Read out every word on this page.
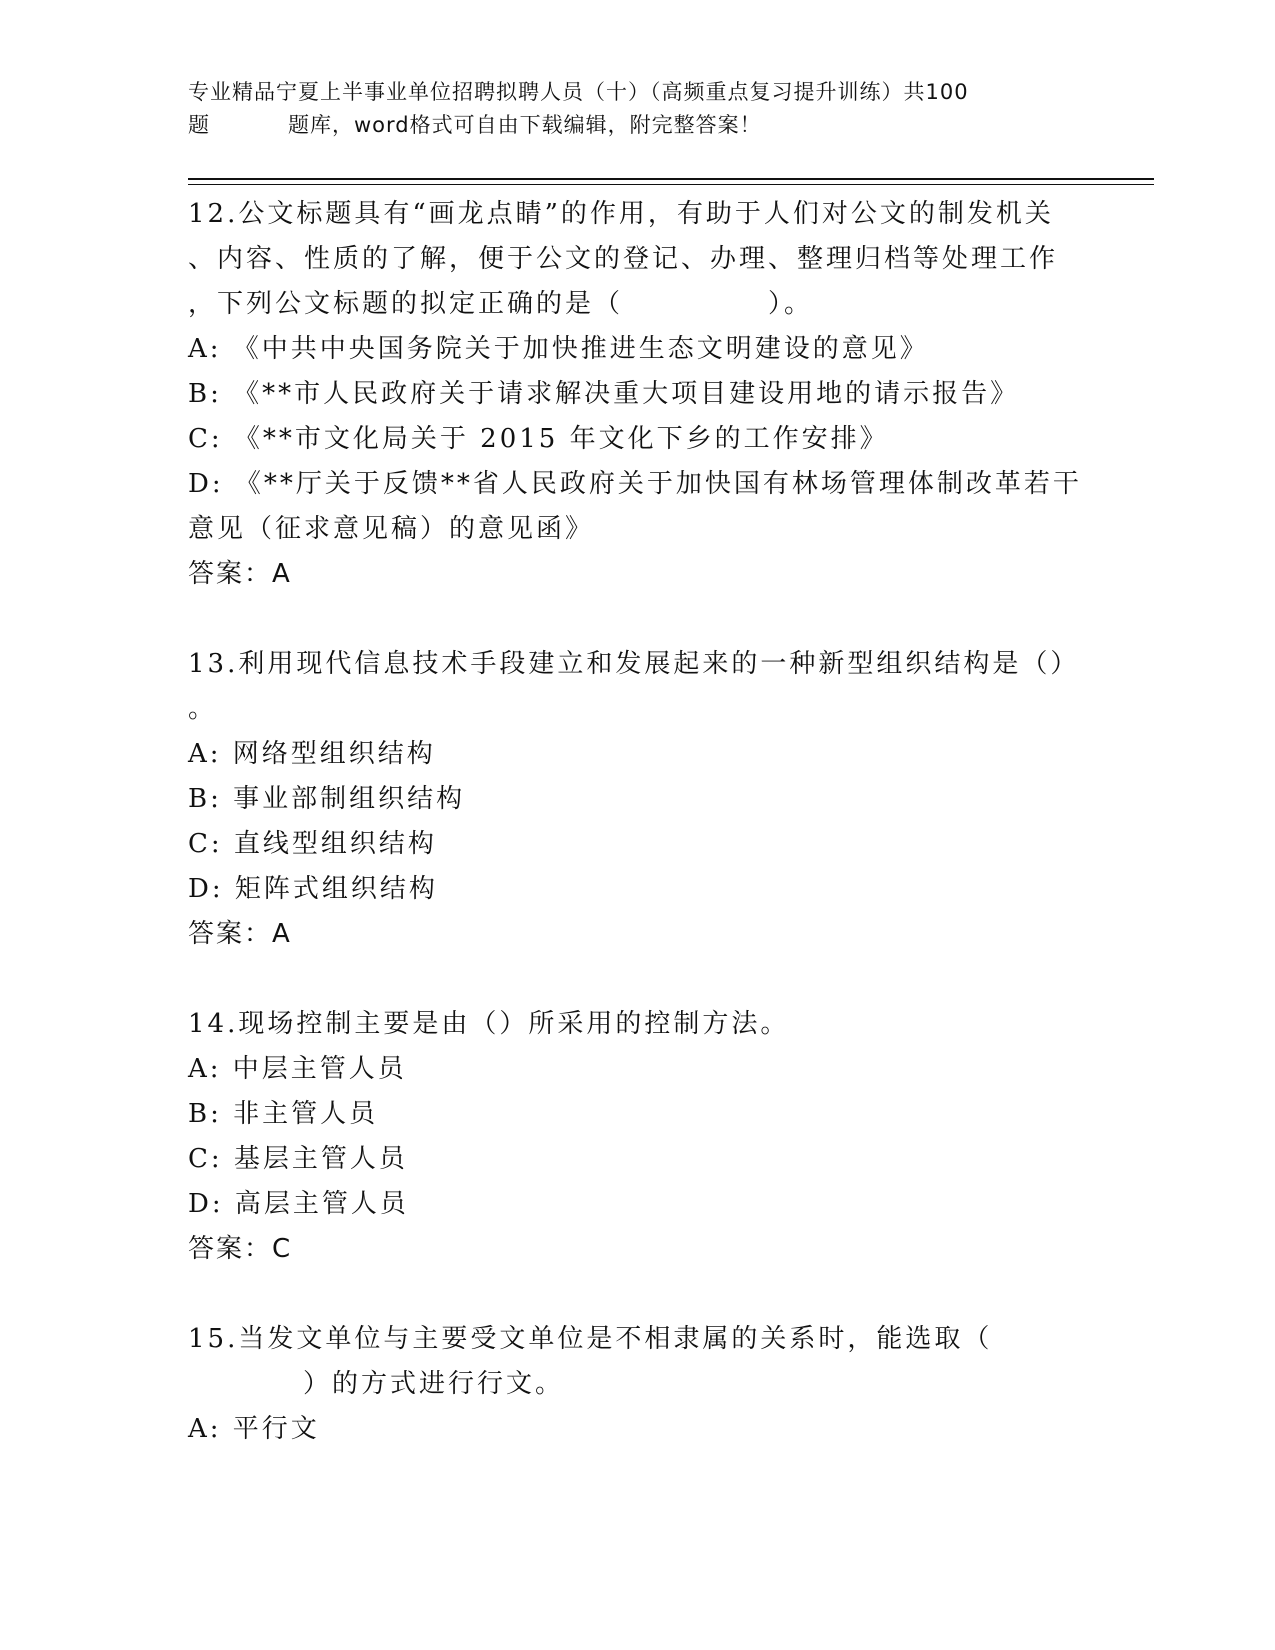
专业精品宁夏上半事业单位招聘拟聘人员（十）（高频重点复习提升训练）共100
题	题库，word格式可自由下载编辑，附完整答案！
12.公文标题具有“画龙点睛”的作用，有助于人们对公文的制发机关
、内容、性质的了解，便于公文的登记、办理、整理归档等处理工作
，下列公文标题的拟定正确的是（　　　　　）。
A: 《中共中央国务院关于加快推进生态文明建设的意见》
B: 《**市人民政府关于请求解决重大项目建设用地的请示报告》
C: 《**市文化局关于 2015 年文化下乡的工作安排》
D: 《**厅关于反馈**省人民政府关于加快国有林场管理体制改革若干
意见（征求意见稿）的意见函》
答案：A
13.利用现代信息技术手段建立和发展起来的一种新型组织结构是（）
。
A: 网络型组织结构
B: 事业部制组织结构
C: 直线型组织结构
D: 矩阵式组织结构
答案：A
14.现场控制主要是由（）所采用的控制方法。
A: 中层主管人员
B: 非主管人员
C: 基层主管人员
D: 高层主管人员
答案：C
15.当发文单位与主要受文单位是不相隶属的关系时，能选取（
）的方式进行行文。
A: 平行文
